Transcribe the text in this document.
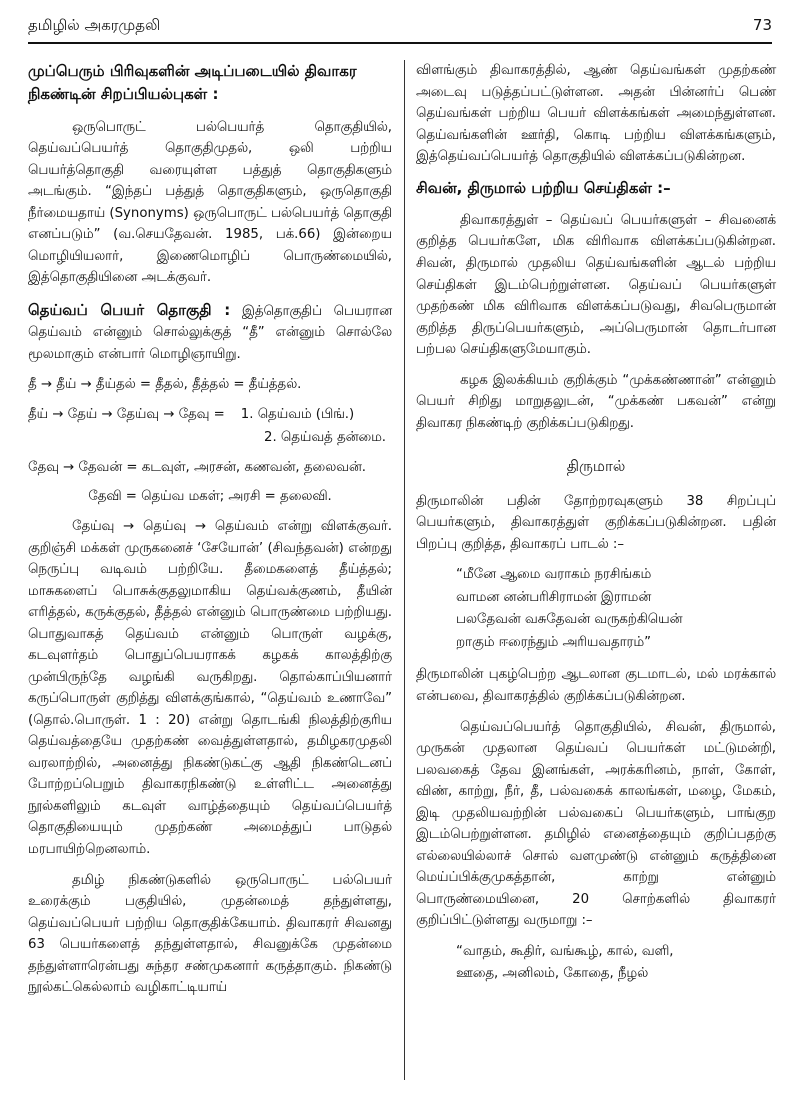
தமிழில் அகரமுதலி	73
முப்பெரும் பிரிவுகளின் அடிப்படையில் திவாகர நிகண்டின் சிறப்பியல்புகள் :

ஒருபொருட் பல்பெயர்த் தொகுதியில், தெய்வப்பெயர்த் தொகுதிமுதல், ஒலி பற்றிய பெயர்த்தொகுதி வரையுள்ள பத்துத் தொகுதிகளும் அடங்கும். “இந்தப் பத்துத் தொகுதிகளும், ஒருதொகுதி நீர்மையதாய் (Synonyms) ஒருபொருட் பல்பெயர்த் தொகுதி எனப்படும்” (வ.செயதேவன். 1985, பக்.66) இன்றைய மொழியியலார், இணைமொழிப் பொருண்மையில், இத்தொகுதியினை அடக்குவர்.

தெய்வப் பெயர் தொகுதி : இத்தொகுதிப் பெயரான தெய்வம் என்னும் சொல்லுக்குத் “தீ” என்னும் சொல்லே மூலமாகும் என்பார் மொழிஞாயிறு.

தீ → தீய் → தீய்தல் = தீதல், தீத்தல் = தீய்த்தல்.
தீய் → தேய் → தேய்வு → தேவு = 1. தெய்வம் (பிங்.)
2. தெய்வத் தன்மை.
தேவு → தேவன் = கடவுள், அரசன், கணவன், தலைவன்.
தேவி = தெய்வ மகள்; அரசி = தலைவி.

தேய்வு → தெய்வு → தெய்வம் என்று விளக்குவர். குறிஞ்சி மக்கள் முருகனைச் ‘சேயோன்’ (சிவந்தவன்) என்றது நெருப்பு வடிவம் பற்றியே. தீமைகளைத் தீய்த்தல்; மாசுகளைப் பொசுக்குதலுமாகிய தெய்வக்குணம், தீயின் எரித்தல், கருக்குதல், தீத்தல் என்னும் பொருண்மை பற்றியது. பொதுவாகத் தெய்வம் என்னும் பொருள் வழக்கு, கடவுளர்தம் பொதுப்பெயராகக் கழகக் காலத்திற்கு முன்பிருந்தே வழங்கி வருகிறது. தொல்காப்பியனார் கருப்பொருள் குறித்து விளக்குங்கால், “தெய்வம் உணாவே” (தொல்.பொருள். 1 : 20) என்று தொடங்கி நிலத்திற்குரிய தெய்வத்தையே முதற்கண் வைத்துள்ளதால், தமிழகரமுதலி வரலாற்றில், அனைத்து நிகண்டுகட்கு ஆதி நிகண்டெனப் போற்றப்பெறும் திவாகரநிகண்டு உள்ளிட்ட அனைத்து நூல்களிலும் கடவுள் வாழ்த்தையும் தெய்வப்பெயர்த் தொகுதியையும் முதற்கண் அமைத்துப் பாடுதல் மரபாயிற்றெனலாம்.

தமிழ் நிகண்டுகளில் ஒருபொருட் பல்பெயர் உரைக்கும் பகுதியில், முதன்மைத் தந்துள்ளது, தெய்வப்பெயர் பற்றிய தொகுதிக்கேயாம். திவாகரர் சிவனது 63 பெயர்களைத் தந்துள்ளதால், சிவனுக்கே முதன்மை தந்துள்ளாரென்பது சுந்தர சண்முகனார் கருத்தாகும். நிகண்டு நூல்கட்கெல்லாம் வழிகாட்டியாய்

விளங்கும் திவாகரத்தில், ஆண் தெய்வங்கள் முதற்கண் அடைவு படுத்தப்பட்டுள்ளன. அதன் பின்னர்ப் பெண் தெய்வங்கள் பற்றிய பெயர் விளக்கங்கள் அமைந்துள்ளன. தெய்வங்களின் ஊர்தி, கொடி பற்றிய விளக்கங்களும், இத்தெய்வப்பெயர்த் தொகுதியில் விளக்கப்படுகின்றன.

சிவன், திருமால் பற்றிய செய்திகள் :–

திவாகரத்துள் – தெய்வப் பெயர்களுள் – சிவனைக் குறித்த பெயர்களே, மிக விரிவாக விளக்கப்படுகின்றன. சிவன், திருமால் முதலிய தெய்வங்களின் ஆடல் பற்றிய செய்திகள் இடம்பெற்றுள்ளன. தெய்வப் பெயர்களுள் முதற்கண் மிக விரிவாக விளக்கப்படுவது, சிவபெருமான் குறித்த திருப்பெயர்களும், அப்பெருமான் தொடர்பான பற்பல செய்திகளுமேயாகும்.

கழக இலக்கியம் குறிக்கும் “முக்கண்ணான்” என்னும் பெயர் சிறிது மாறுதலுடன், “முக்கண் பகவன்” என்று திவாகர நிகண்டிற் குறிக்கப்படுகிறது.

திருமால்

திருமாலின் பதின் தோற்றரவுகளும் 38 சிறப்புப் பெயர்களும், திவாகரத்துள் குறிக்கப்படுகின்றன. பதின் பிறப்பு குறித்த, திவாகரப் பாடல் :–

“மீனே ஆமை வராகம் நரசிங்கம்
வாமன னன்பரிசிராமன் இராமன்
பலதேவன் வசுதேவன் வருகற்கியென்
றாகும் ஈரைந்தும் அரியவதாரம்”

திருமாலின் புகழ்பெற்ற ஆடலான குடமாடல், மல் மரக்கால் என்பவை, திவாகரத்தில் குறிக்கப்படுகின்றன.

தெய்வப்பெயர்த் தொகுதியில், சிவன், திருமால், முருகன் முதலான தெய்வப் பெயர்கள் மட்டுமன்றி, பலவகைத் தேவ இனங்கள், அரக்கரினம், நாள், கோள், விண், காற்று, நீர், தீ, பல்வகைக் காலங்கள், மழை, மேகம், இடி முதலியவற்றின் பல்வகைப் பெயர்களும், பாங்குற இடம்பெற்றுள்ளன. தமிழில் எனைத்தையும் குறிப்பதற்கு எல்லையில்லாச் சொல் வளமுண்டு என்னும் கருத்தினை மெய்ப்பிக்குமுகத்தான், காற்று என்னும் பொருண்மையினை, 20 சொற்களில் திவாகரர் குறிப்பிட்டுள்ளது வருமாறு :–

“வாதம், கூதிர், வங்கூழ், கால், வளி,
ஊதை, அனிலம், கோதை, நீழல்
